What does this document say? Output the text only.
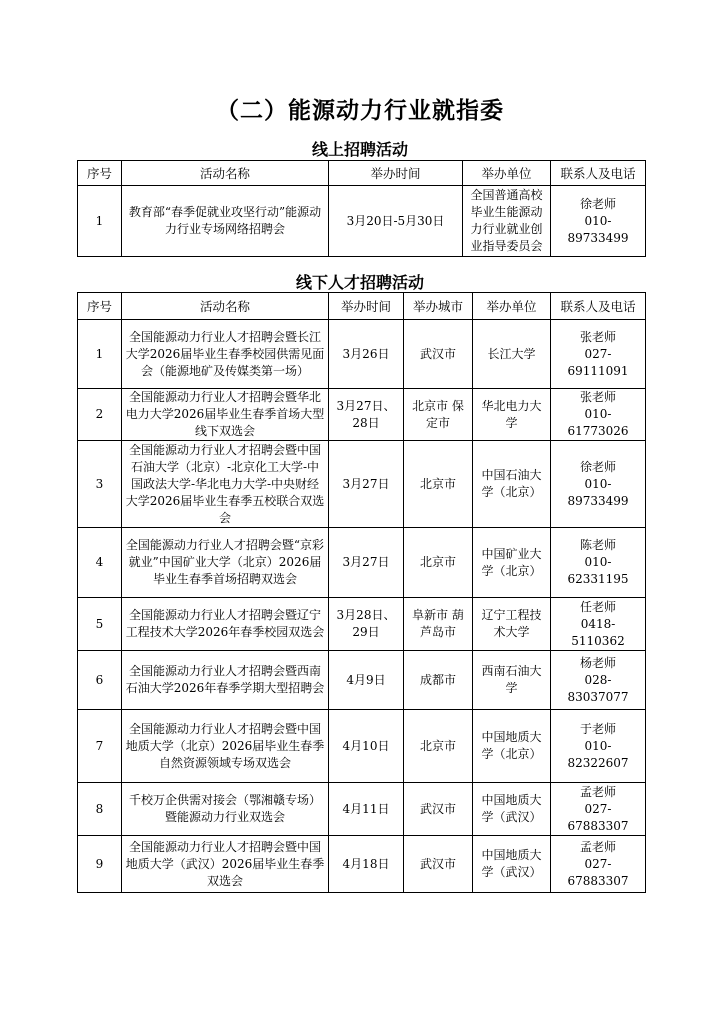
（二）能源动力行业就指委
线上招聘活动
序号	活动名称	举办时间	举办单位	联系人及电话
1	教育部“春季促就业攻坚行动”能源动力行业专场网络招聘会	3月20日-5月30日	全国普通高校毕业生能源动力行业就业创业指导委员会	徐老师
010-89733499
线下人才招聘活动
序号	活动名称	举办时间	举办城市	举办单位	联系人及电话
1	全国能源动力行业人才招聘会暨长江大学2026届毕业生春季校园供需见面会（能源地矿及传媒类第一场）	3月26日	武汉市	长江大学	张老师
027-69111091

2	全国能源动力行业人才招聘会暨华北电力大学2026届毕业生春季首场大型线下双选会	3月27日、28日	北京市 保定市	华北电力大学	张老师
010-61773026

3	全国能源动力行业人才招聘会暨中国石油大学（北京）-北京化工大学-中国政法大学-华北电力大学-中央财经大学2026届毕业生春季五校联合双选会	3月27日	北京市	中国石油大学（北京）	徐老师
010-89733499

4	全国能源动力行业人才招聘会暨“京彩就业”中国矿业大学（北京）2026届毕业生春季首场招聘双选会	3月27日	北京市	中国矿业大学（北京）	陈老师
010-62331195

5	全国能源动力行业人才招聘会暨辽宁工程技术大学2026年春季校园双选会	3月28日、29日	阜新市 葫芦岛市	辽宁工程技术大学	任老师
0418-5110362

6	全国能源动力行业人才招聘会暨西南石油大学2026年春季学期大型招聘会	4月9日	成都市	西南石油大学	杨老师
028-83037077

7	全国能源动力行业人才招聘会暨中国地质大学（北京）2026届毕业生春季自然资源领域专场双选会	4月10日	北京市	中国地质大学（北京）	于老师
010-82322607

8	千校万企供需对接会（鄂湘赣专场）暨能源动力行业双选会	4月11日	武汉市	中国地质大学（武汉）	孟老师
027-67883307

9	全国能源动力行业人才招聘会暨中国地质大学（武汉）2026届毕业生春季双选会	4月18日	武汉市	中国地质大学（武汉）	孟老师
027-67883307
